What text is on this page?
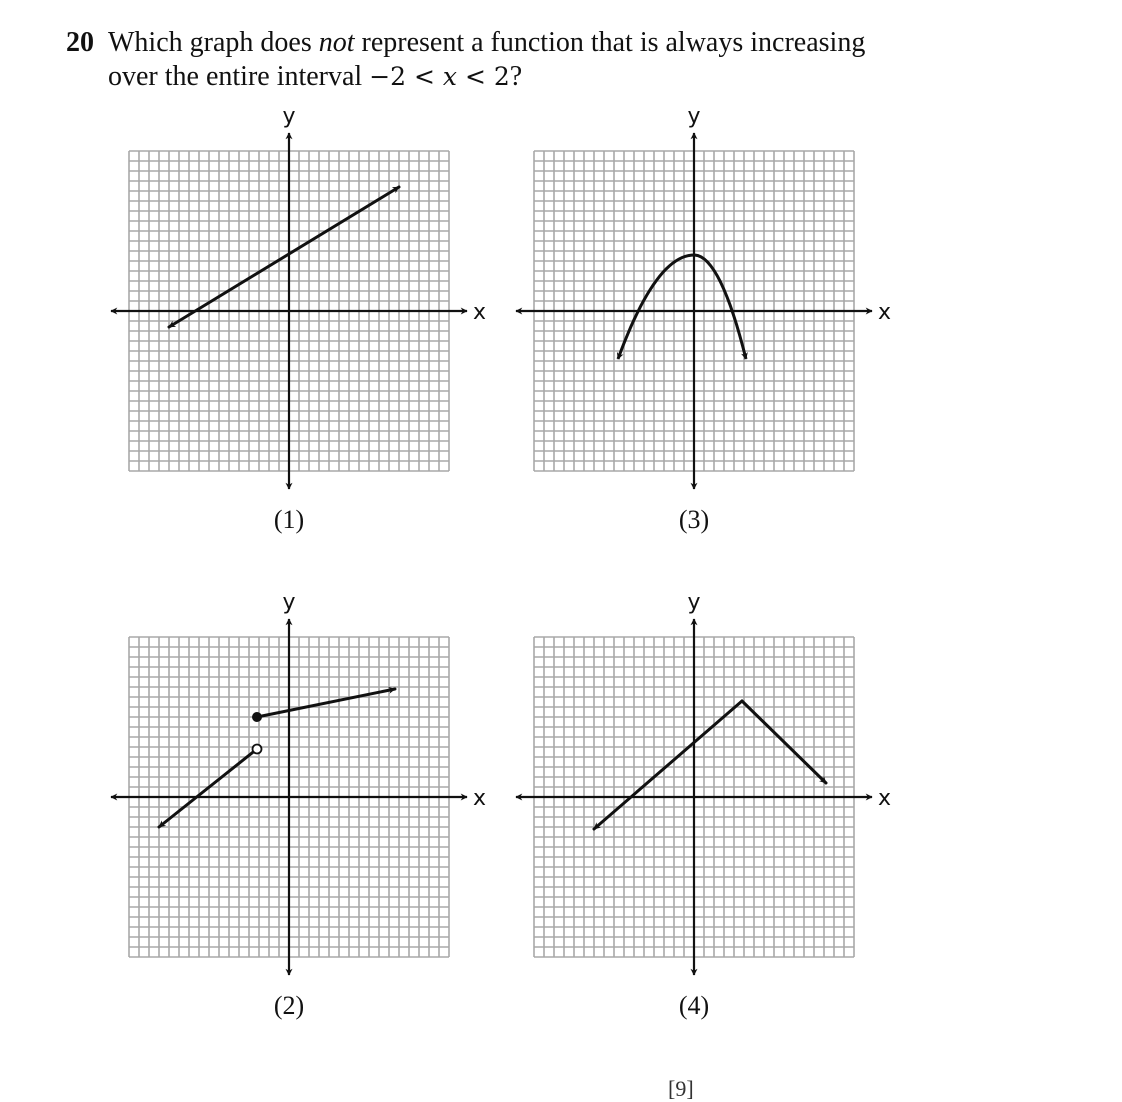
20 Which graph does not represent a function that is always increasing
over the entire interval −2 < x < 2?
x
y
(1)
x
y
(2)
x
y
(3)
x
y
(4)
[9]
